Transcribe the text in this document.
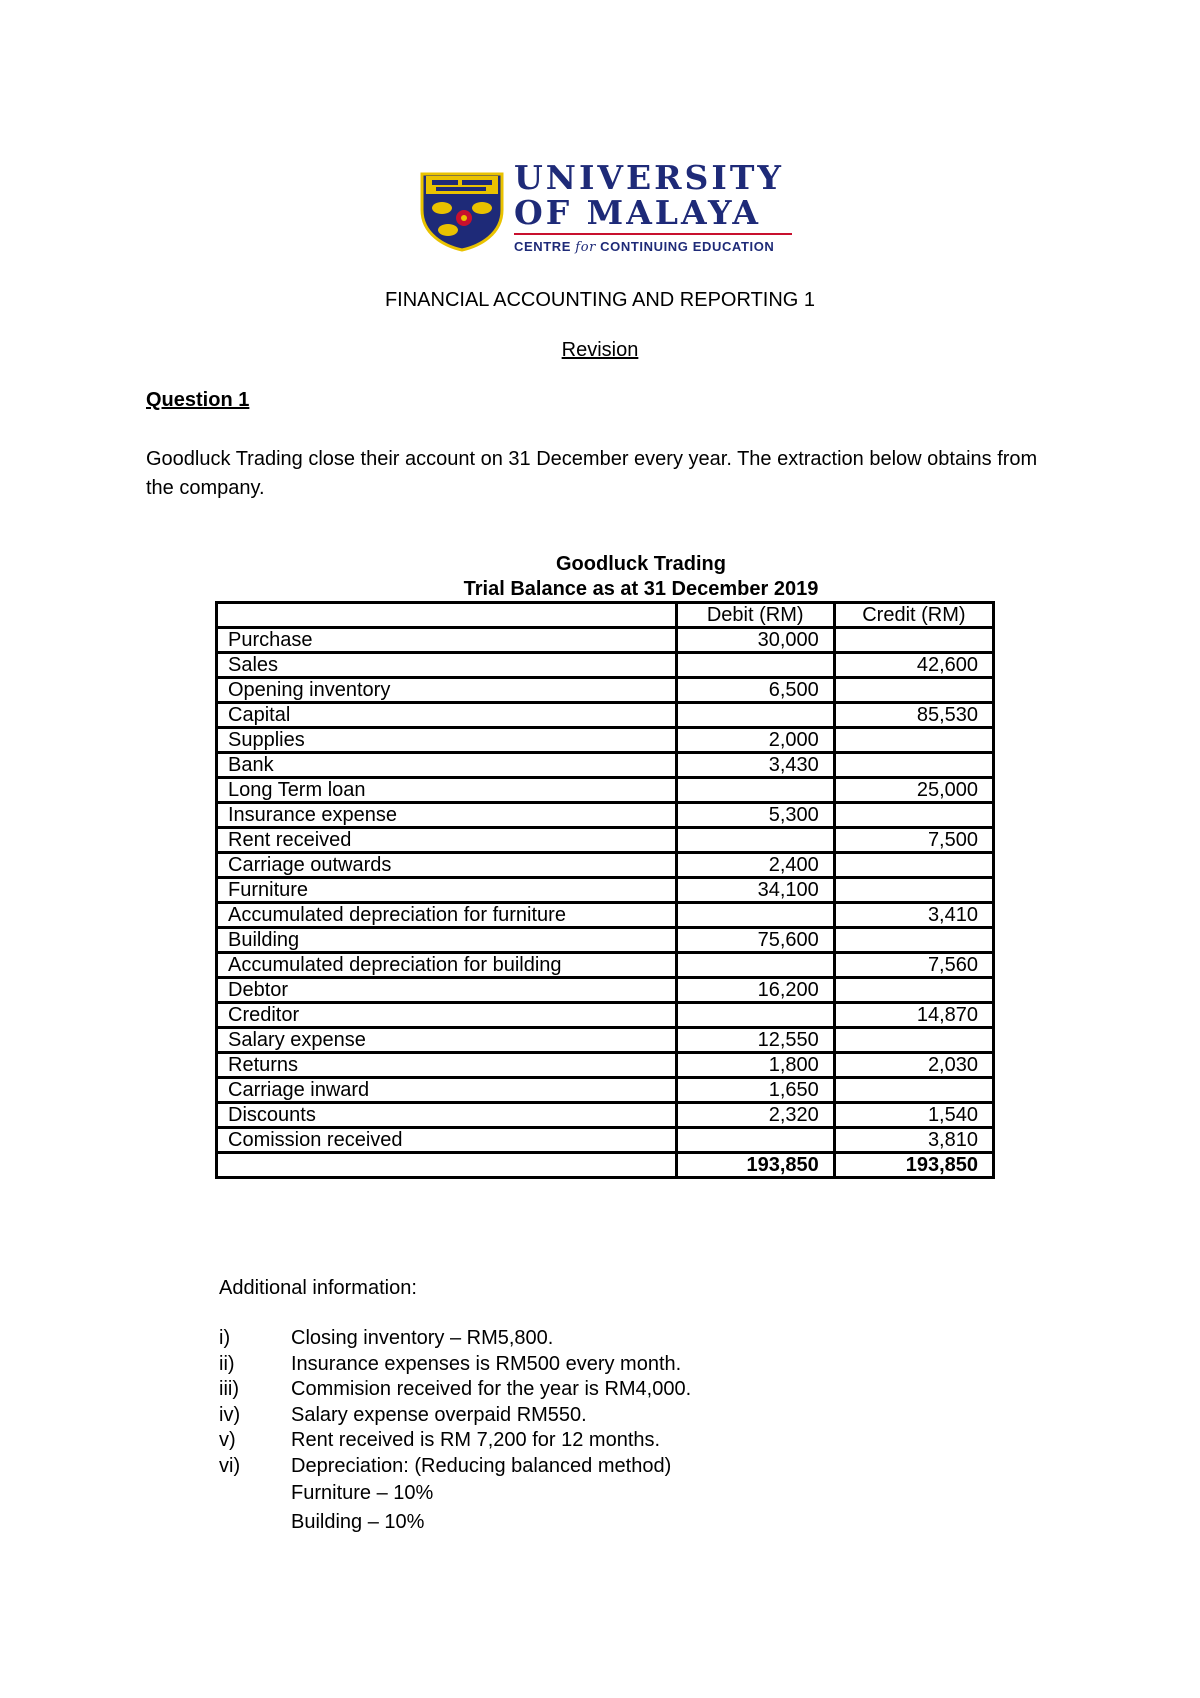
UNIVERSITY
OF MALAYA
CENTRE for CONTINUING EDUCATION
FINANCIAL ACCOUNTING AND REPORTING 1
Revision
Question 1
Goodluck Trading close their account on 31 December every year. The extraction below obtains from the company.
Goodluck Trading
Trial Balance as at 31 December 2019
	Debit (RM)	Credit (RM)
Purchase	30,000	
Sales		42,600
Opening inventory	6,500	
Capital		85,530
Supplies	2,000	
Bank	3,430	
Long Term loan		25,000
Insurance expense	5,300	
Rent received		7,500
Carriage outwards	2,400	
Furniture	34,100	
Accumulated depreciation for furniture		3,410
Building	75,600	
Accumulated depreciation for building		7,560
Debtor	16,200	
Creditor		14,870
Salary expense	12,550	
Returns	1,800	2,030
Carriage inward	1,650	
Discounts	2,320	1,540
Comission received		3,810
	193,850	193,850
Additional information:
i)	Closing inventory – RM5,800.
ii)	Insurance expenses is RM500 every month.
iii)	Commision received for the year is RM4,000.
iv)	Salary expense overpaid RM550.
v)	Rent received is RM 7,200 for 12 months.
vi)	Depreciation: (Reducing balanced method)
Furniture – 10%
Building – 10%
